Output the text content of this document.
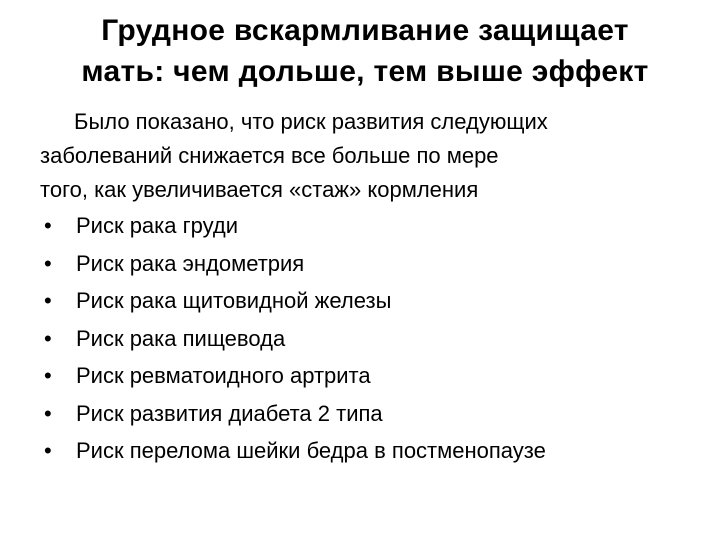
Грудное вскармливание защищает
мать: чем дольше, тем выше эффект
Было показано, что риск развития следующих
заболеваний снижается все больше по мере
того, как увеличивается «стаж» кормления
• Риск рака груди
• Риск рака эндометрия
• Риск рака щитовидной железы
• Риск рака пищевода
• Риск ревматоидного артрита
• Риск развития диабета 2 типа
• Риск перелома шейки бедра в постменопаузе
